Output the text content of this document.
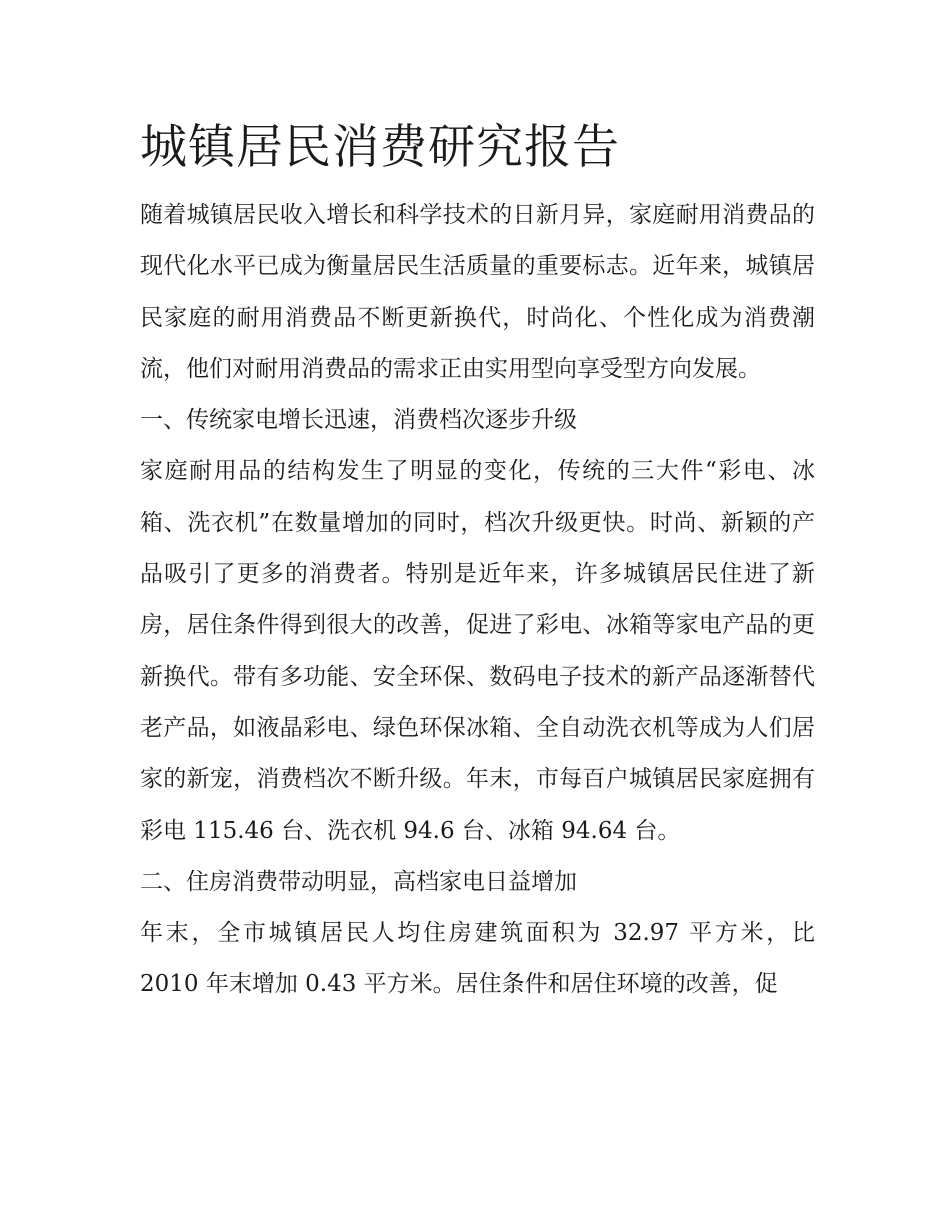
城镇居民消费研究报告

随着城镇居民收入增长和科学技术的日新月异，家庭耐用消费品的现代化水平已成为衡量居民生活质量的重要标志。近年来，城镇居民家庭的耐用消费品不断更新换代，时尚化、个性化成为消费潮流，他们对耐用消费品的需求正由实用型向享受型方向发展。

一、传统家电增长迅速，消费档次逐步升级

家庭耐用品的结构发生了明显的变化，传统的三大件“彩电、冰箱、洗衣机”在数量增加的同时，档次升级更快。时尚、新颖的产品吸引了更多的消费者。特别是近年来，许多城镇居民住进了新房，居住条件得到很大的改善，促进了彩电、冰箱等家电产品的更新换代。带有多功能、安全环保、数码电子技术的新产品逐渐替代老产品，如液晶彩电、绿色环保冰箱、全自动洗衣机等成为人们居家的新宠，消费档次不断升级。年末，市每百户城镇居民家庭拥有彩电 115.46 台、洗衣机 94.6 台、冰箱 94.64 台。

二、住房消费带动明显，高档家电日益增加

年末，全市城镇居民人均住房建筑面积为 32.97 平方米，比 2010 年末增加 0.43 平方米。居住条件和居住环境的改善，促
